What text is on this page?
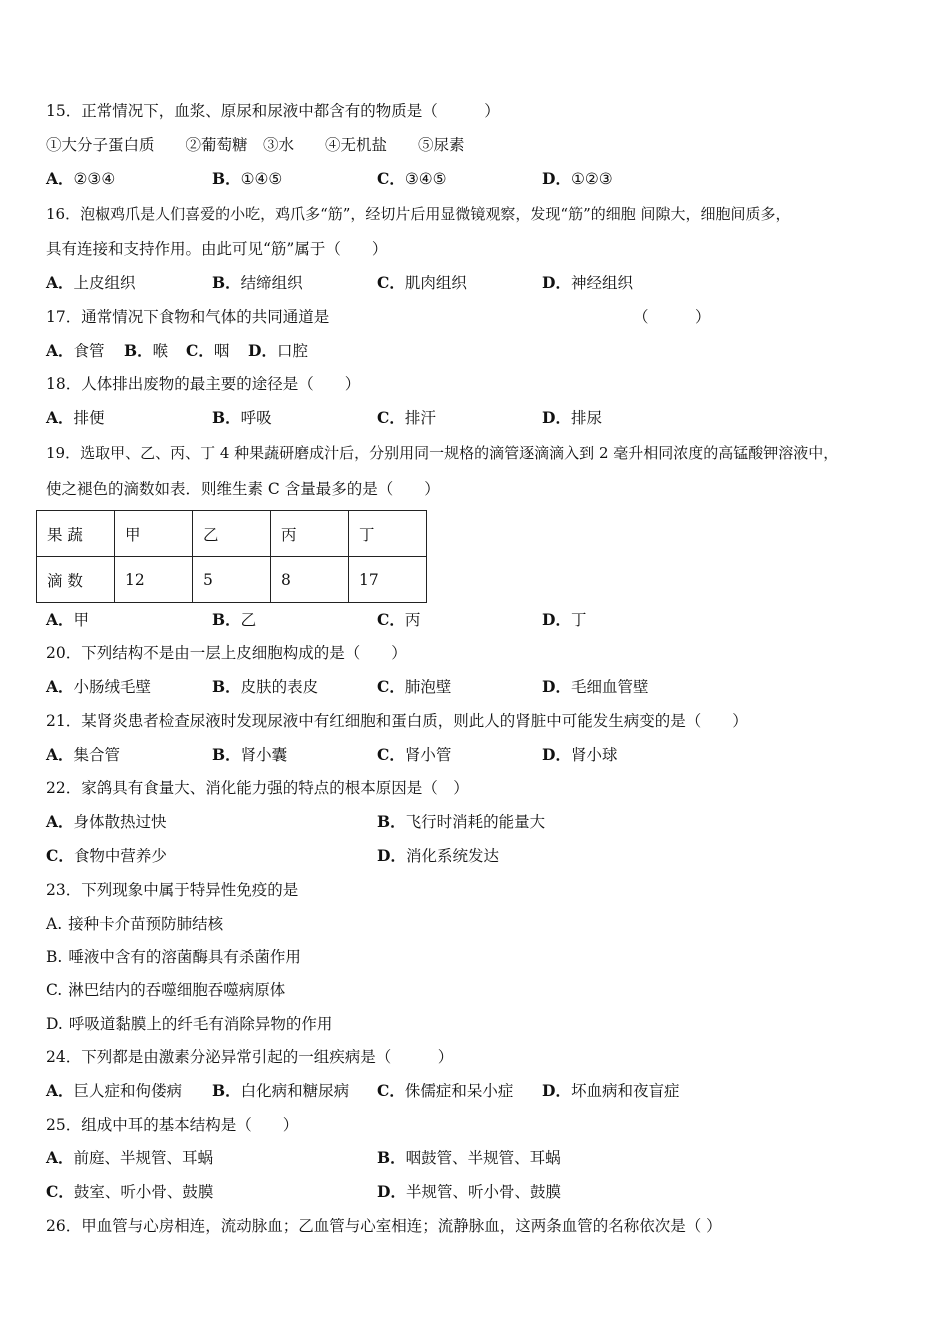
15．正常情况下，血浆、原尿和尿液中都含有的物质是（　　　）
①大分子蛋白质　　②葡萄糖　③水　　④无机盐　　⑤尿素
A．②③④	B．①④⑤	C．③④⑤	D．①②③
16．泡椒鸡爪是人们喜爱的小吃，鸡爪多“筋”，经切片后用显微镜观察，发现“筋”的细胞 间隙大，细胞间质多，
具有连接和支持作用。由此可见“筋”属于（　　）
A．上皮组织	B．结缔组织	C．肌肉组织	D．神经组织
17．通常情况下食物和气体的共同通道是	（　　　）
A．食管 B．喉 C．咽 D．口腔
18．人体排出废物的最主要的途径是（　　）
A．排便	B．呼吸	C．排汗	D．排尿
19．选取甲、乙、丙、丁 4 种果蔬研磨成汁后，分别用同一规格的滴管逐滴滴入到 2 毫升相同浓度的高锰酸钾溶液中，
使之褪色的滴数如表．则维生素 C 含量最多的是（　　）
果 蔬	甲	乙	丙	丁
滴 数	12	5	8	17
A．甲	B．乙	C．丙	D．丁
20．下列结构不是由一层上皮细胞构成的是（　　）
A．小肠绒毛壁	B．皮肤的表皮	C．肺泡壁	D．毛细血管壁
21．某肾炎患者检查尿液时发现尿液中有红细胞和蛋白质，则此人的肾脏中可能发生病变的是（　　）
A．集合管	B．肾小囊	C．肾小管	D．肾小球
22．家鸽具有食量大、消化能力强的特点的根本原因是（　）
A．身体散热过快	B．飞行时消耗的能量大
C．食物中营养少	D．消化系统发达
23．下列现象中属于特异性免疫的是
A. 接种卡介苗预防肺结核
B. 唾液中含有的溶菌酶具有杀菌作用
C. 淋巴结内的吞噬细胞吞噬病原体
D. 呼吸道黏膜上的纤毛有消除异物的作用
24．下列都是由激素分泌异常引起的一组疾病是（　　　）
A．巨人症和佝偻病 B．白化病和糖尿病 C．侏儒症和呆小症 D．坏血病和夜盲症
25．组成中耳的基本结构是（　　）
A．前庭、半规管、耳蜗	B．咽鼓管、半规管、耳蜗
C．鼓室、听小骨、鼓膜	D．半规管、听小骨、鼓膜
26．甲血管与心房相连，流动脉血；乙血管与心室相连；流静脉血，这两条血管的名称依次是（ ）
